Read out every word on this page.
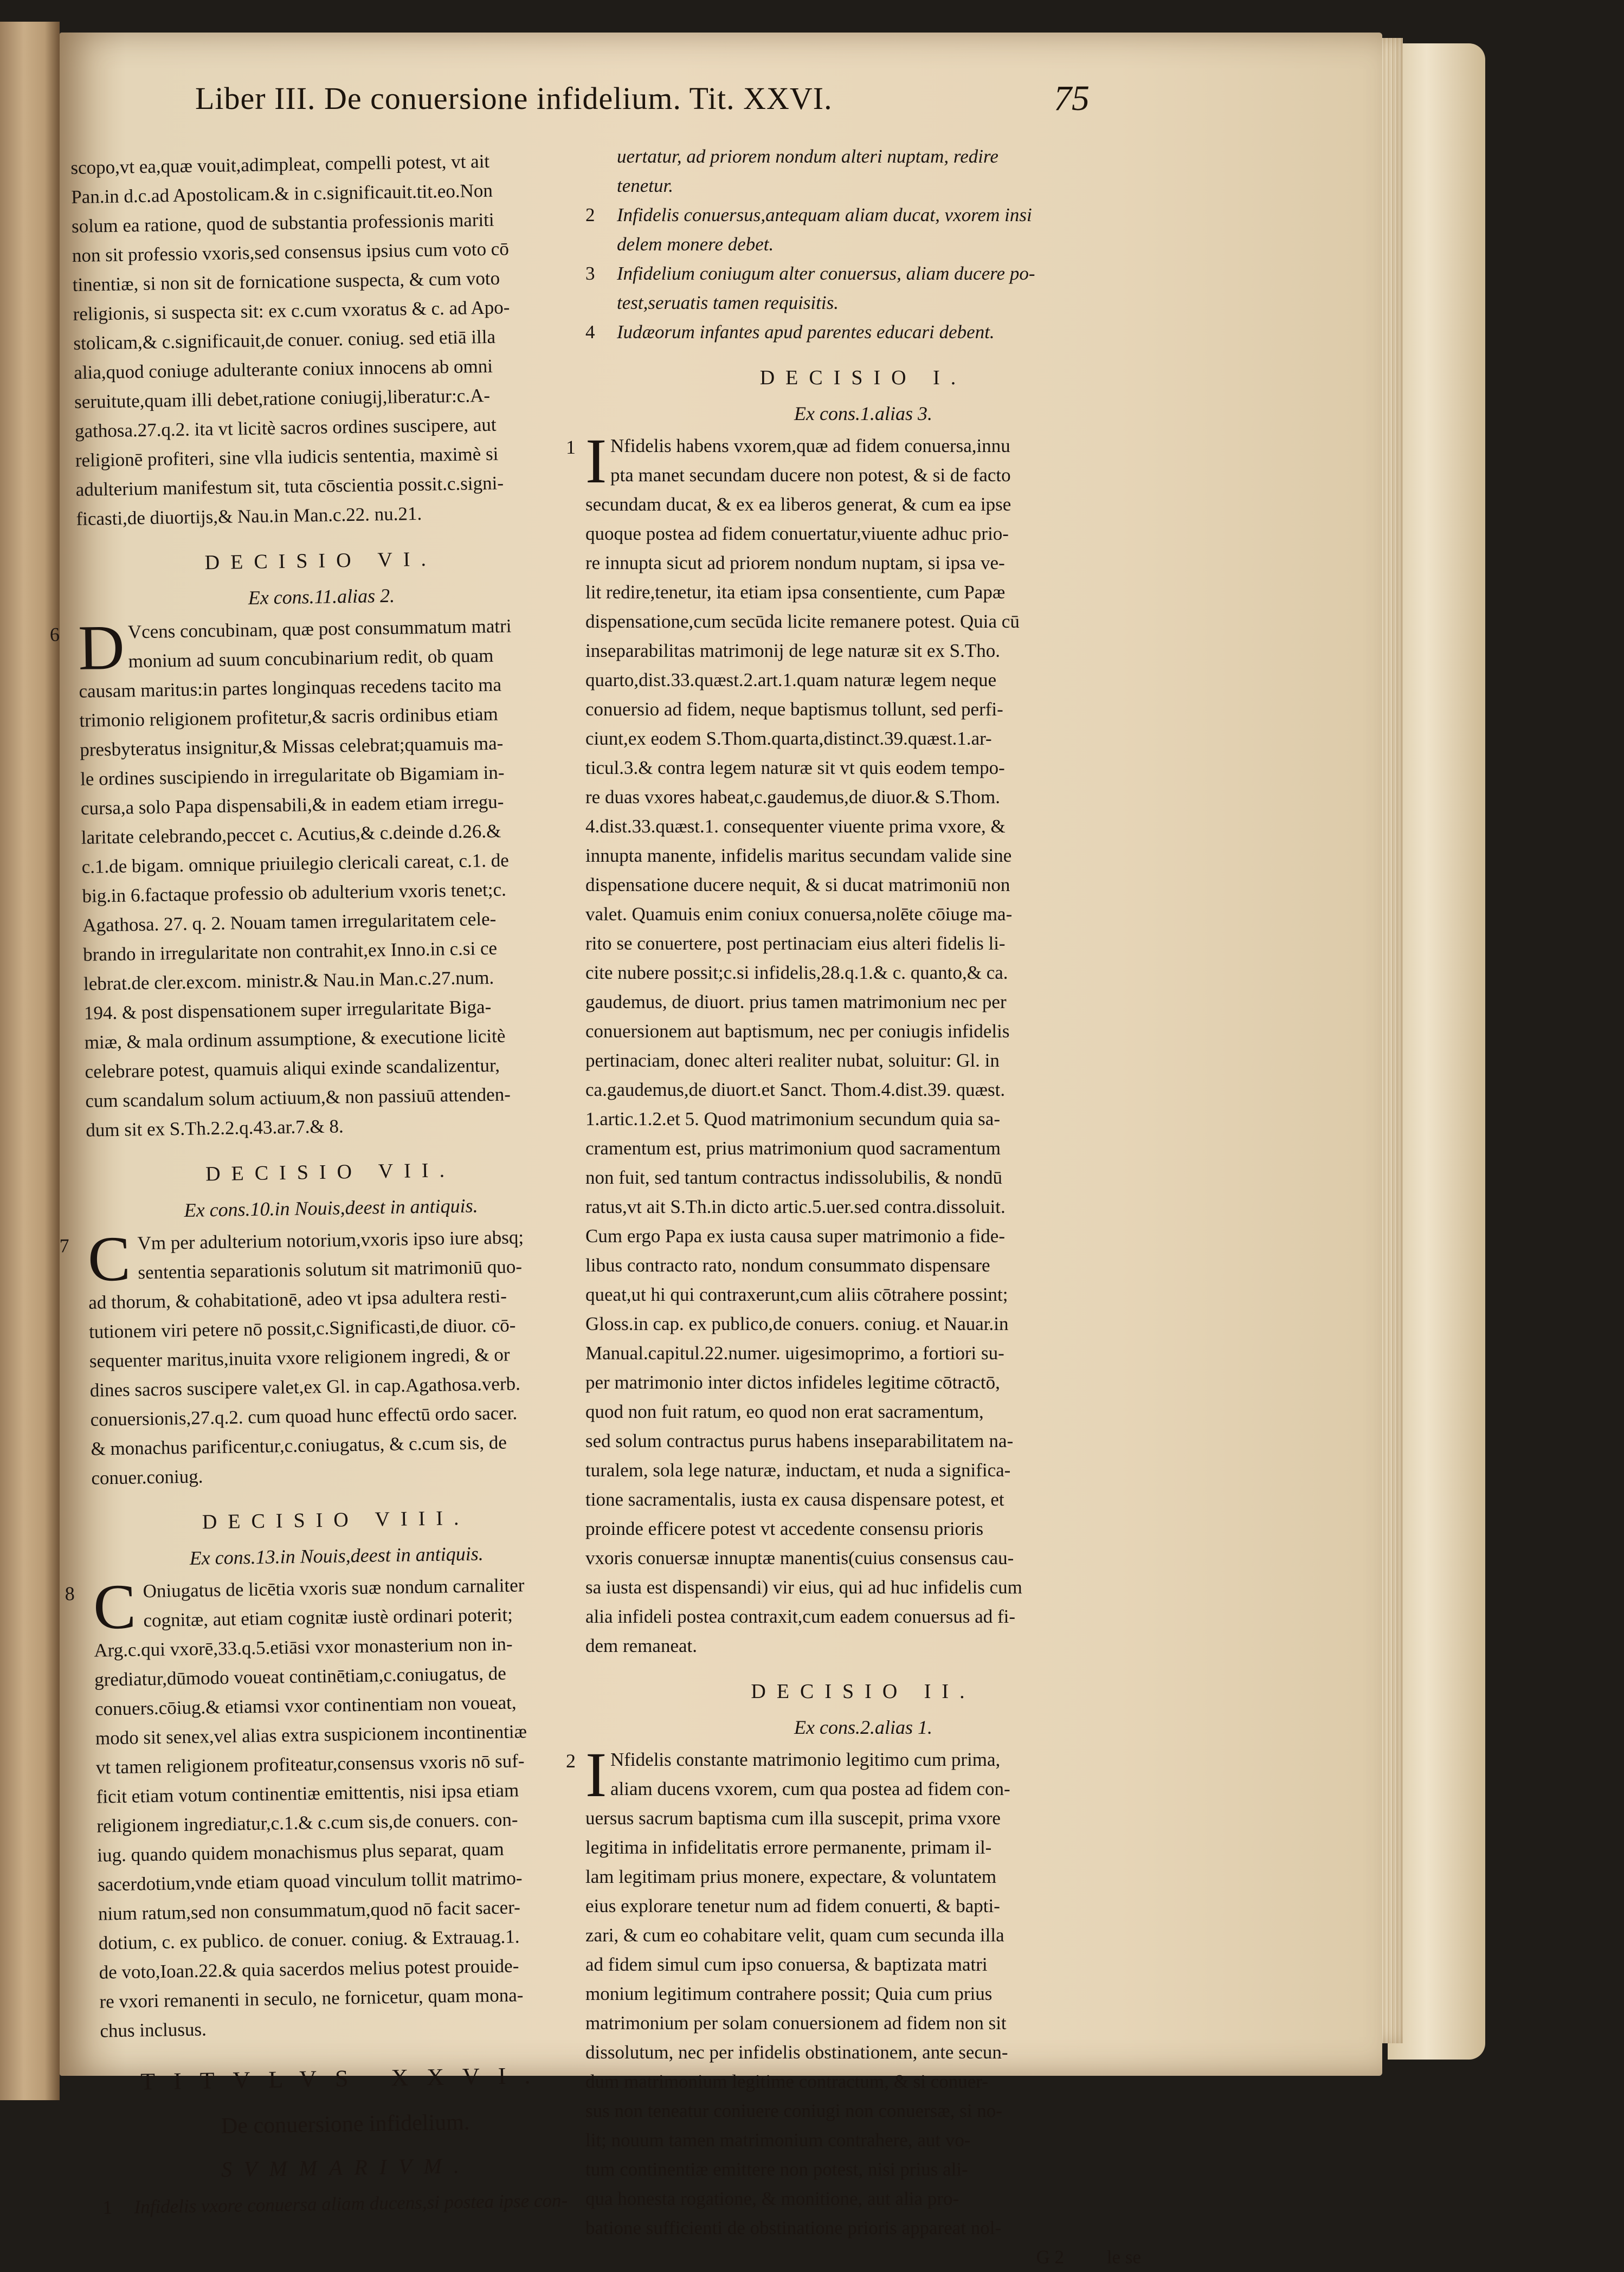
Liber III. De conuersione infidelium. Tit. XXVI.	75
scopo,vt ea,quæ vouit,adimpleat, compelli potest, vt ait
Pan.in d.c.ad Apostolicam.& in c.significauit.tit.eo.Non
solum ea ratione, quod de substantia professionis mariti
non sit professio vxoris,sed consensus ipsius cum voto cō
tinentiæ, si non sit de fornicatione suspecta, & cum voto
religionis, si suspecta sit: ex c.cum vxoratus & c. ad Apo-
stolicam,& c.significauit,de conuer. coniug. sed etiā illa
alia,quod coniuge adulterante coniux innocens ab omni
seruitute,quam illi debet,ratione coniugij,liberatur:c.A-
gathosa.27.q.2. ita vt licitè sacros ordines suscipere, aut
religionē profiteri, sine vlla iudicis sententia, maximè si
adulterium manifestum sit, tuta cōscientia possit.c.signi-
ficasti,de diuortijs,& Nau.in Man.c.22. nu.21.
DECISIO VI.
Ex cons.11.alias 2.
6 D Vcens concubinam, quæ post consummatum matri
monium ad suum concubinarium redit, ob quam
causam maritus:in partes longinquas recedens tacito ma
trimonio religionem profitetur,& sacris ordinibus etiam
presbyteratus insignitur,& Missas celebrat;quamuis ma-
le ordines suscipiendo in irregularitate ob Bigamiam in-
cursa,a solo Papa dispensabili,& in eadem etiam irregu-
laritate celebrando,peccet c. Acutius,& c.deinde d.26.&
c.1.de bigam. omnique priuilegio clericali careat, c.1. de
big.in 6.factaque professio ob adulterium vxoris tenet;c.
Agathosa. 27. q. 2. Nouam tamen irregularitatem cele-
brando in irregularitate non contrahit,ex Inno.in c.si ce
lebrat.de cler.excom. ministr.& Nau.in Man.c.27.num.
194. & post dispensationem super irregularitate Biga-
miæ, & mala ordinum assumptione, & executione licitè
celebrare potest, quamuis aliqui exinde scandalizentur,
cum scandalum solum actiuum,& non passiuū attenden-
dum sit ex S.Th.2.2.q.43.ar.7.& 8.
DECISIO VII.
Ex cons.10.in Nouis,deest in antiquis.
7 C Vm per adulterium notorium,vxoris ipso iure absq;
sententia separationis solutum sit matrimoniū quo-
ad thorum, & cohabitationē, adeo vt ipsa adultera resti-
tutionem viri petere nō possit,c.Significasti,de diuor. cō-
sequenter maritus,inuita vxore religionem ingredi, & or
dines sacros suscipere valet,ex Gl. in cap.Agathosa.verb.
conuersionis,27.q.2. cum quoad hunc effectū ordo sacer.
& monachus parificentur,c.coniugatus, & c.cum sis, de
conuer.coniug.
DECISIO VIII.
Ex cons.13.in Nouis,deest in antiquis.
8 C Oniugatus de licētia vxoris suæ nondum carnaliter
cognitæ, aut etiam cognitæ iustè ordinari poterit;
Arg.c.qui vxorē,33.q.5.etiāsi vxor monasterium non in-
grediatur,dūmodo voueat continētiam,c.coniugatus, de
conuers.cōiug.& etiamsi vxor continentiam non voueat,
modo sit senex,vel alias extra suspicionem incontinentiæ
vt tamen religionem profiteatur,consensus vxoris nō suf-
ficit etiam votum continentiæ emittentis, nisi ipsa etiam
religionem ingrediatur,c.1.& c.cum sis,de conuers. con-
iug. quando quidem monachismus plus separat, quam
sacerdotium,vnde etiam quoad vinculum tollit matrimo-
nium ratum,sed non consummatum,quod nō facit sacer-
dotium, c. ex publico. de conuer. coniug. & Extrauag.1.
de voto,Ioan.22.& quia sacerdos melius potest prouide-
re vxori remanenti in seculo, ne fornicetur, quam mona-
chus inclusus.
TITVLVS XXVI.
De conuersione infidelium.
SVMMARIVM.
1 Infidelis vxore conuersa aliam ducens,si postea ipse con-
uertatur, ad priorem nondum alteri nuptam, redire
tenetur.
2 Infidelis conuersus,antequam aliam ducat, vxorem insi
delem monere debet.
3 Infidelium coniugum alter conuersus, aliam ducere po-
test,seruatis tamen requisitis.
4 Iudæorum infantes apud parentes educari debent.
DECISIO I.
Ex cons.1.alias 3.
1 I Nfidelis habens vxorem,quæ ad fidem conuersa,innu
pta manet secundam ducere non potest, & si de facto
secundam ducat, & ex ea liberos generat, & cum ea ipse
quoque postea ad fidem conuertatur,viuente adhuc prio-
re innupta sicut ad priorem nondum nuptam, si ipsa ve-
lit redire,tenetur, ita etiam ipsa consentiente, cum Papæ
dispensatione,cum secūda licite remanere potest. Quia cū
inseparabilitas matrimonij de lege naturæ sit ex S.Tho.
quarto,dist.33.quæst.2.art.1.quam naturæ legem neque
conuersio ad fidem, neque baptismus tollunt, sed perfi-
ciunt,ex eodem S.Thom.quarta,distinct.39.quæst.1.ar-
ticul.3.& contra legem naturæ sit vt quis eodem tempo-
re duas vxores habeat,c.gaudemus,de diuor.& S.Thom.
4.dist.33.quæst.1. consequenter viuente prima vxore, &
innupta manente, infidelis maritus secundam valide sine
dispensatione ducere nequit, & si ducat matrimoniū non
valet. Quamuis enim coniux conuersa,nolēte cōiuge ma-
rito se conuertere, post pertinaciam eius alteri fidelis li-
cite nubere possit;c.si infidelis,28.q.1.& c. quanto,& ca.
gaudemus, de diuort. prius tamen matrimonium nec per
conuersionem aut baptismum, nec per coniugis infidelis
pertinaciam, donec alteri realiter nubat, soluitur: Gl. in
ca.gaudemus,de diuort.et Sanct. Thom.4.dist.39. quæst.
1.artic.1.2.et 5. Quod matrimonium secundum quia sa-
cramentum est, prius matrimonium quod sacramentum
non fuit, sed tantum contractus indissolubilis, & nondū
ratus,vt ait S.Th.in dicto artic.5.uer.sed contra.dissoluit.
Cum ergo Papa ex iusta causa super matrimonio a fide-
libus contracto rato, nondum consummato dispensare
queat,ut hi qui contraxerunt,cum aliis cōtrahere possint;
Gloss.in cap. ex publico,de conuers. coniug. et Nauar.in
Manual.capitul.22.numer. uigesimoprimo, a fortiori su-
per matrimonio inter dictos infideles legitime cōtractō,
quod non fuit ratum, eo quod non erat sacramentum,
sed solum contractus purus habens inseparabilitatem na-
turalem, sola lege naturæ, inductam, et nuda a significa-
tione sacramentalis, iusta ex causa dispensare potest, et
proinde efficere potest vt accedente consensu prioris
vxoris conuersæ innuptæ manentis(cuius consensus cau-
sa iusta est dispensandi) vir eius, qui ad huc infidelis cum
alia infideli postea contraxit,cum eadem conuersus ad fi-
dem remaneat.
DECISIO II.
Ex cons.2.alias 1.
2 I Nfidelis constante matrimonio legitimo cum prima,
aliam ducens vxorem, cum qua postea ad fidem con-
uersus sacrum baptisma cum illa suscepit, prima vxore
legitima in infidelitatis errore permanente, primam il-
lam legitimam prius monere, expectare, & voluntatem
eius explorare tenetur num ad fidem conuerti, & bapti-
zari, & cum eo cohabitare velit, quam cum secunda illa
ad fidem simul cum ipso conuersa, & baptizata matri
monium legitimum contrahere possit; Quia cum prius
matrimonium per solam conuersionem ad fidem non sit
dissolutum, nec per infidelis obstinationem, ante secun-
dum matrimonium legitime contractum, & si conuer-
sus non teneatur coniuere coniugi non conuersæ, si no-
lit; nouum tamen matrimonium contrahere, aut vo-
tum continentiæ emittere non potest, nisi prius ali-
qua honesta rogatione, & monitione, aut alia pro-
batione sufficienti de obstinatione prioris appareat nol-
G 2 le se
